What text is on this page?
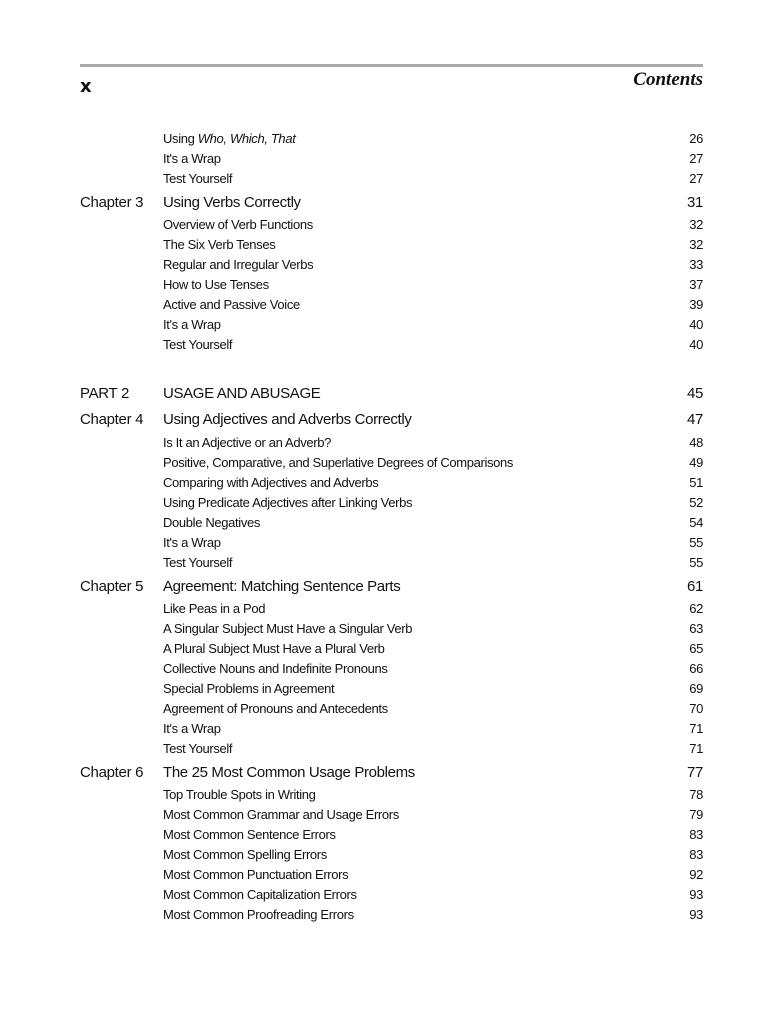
x	Contents
Using Who, Which, That	26
It's a Wrap	27
Test Yourself	27
Chapter 3 Using Verbs Correctly	31
Overview of Verb Functions	32
The Six Verb Tenses	32
Regular and Irregular Verbs	33
How to Use Tenses	37
Active and Passive Voice	39
It's a Wrap	40
Test Yourself	40
PART 2 USAGE AND ABUSAGE	45
Chapter 4 Using Adjectives and Adverbs Correctly	47
Is It an Adjective or an Adverb?	48
Positive, Comparative, and Superlative Degrees of Comparisons	49
Comparing with Adjectives and Adverbs	51
Using Predicate Adjectives after Linking Verbs	52
Double Negatives	54
It's a Wrap	55
Test Yourself	55
Chapter 5 Agreement: Matching Sentence Parts	61
Like Peas in a Pod	62
A Singular Subject Must Have a Singular Verb	63
A Plural Subject Must Have a Plural Verb	65
Collective Nouns and Indefinite Pronouns	66
Special Problems in Agreement	69
Agreement of Pronouns and Antecedents	70
It's a Wrap	71
Test Yourself	71
Chapter 6 The 25 Most Common Usage Problems	77
Top Trouble Spots in Writing	78
Most Common Grammar and Usage Errors	79
Most Common Sentence Errors	83
Most Common Spelling Errors	83
Most Common Punctuation Errors	92
Most Common Capitalization Errors	93
Most Common Proofreading Errors	93
